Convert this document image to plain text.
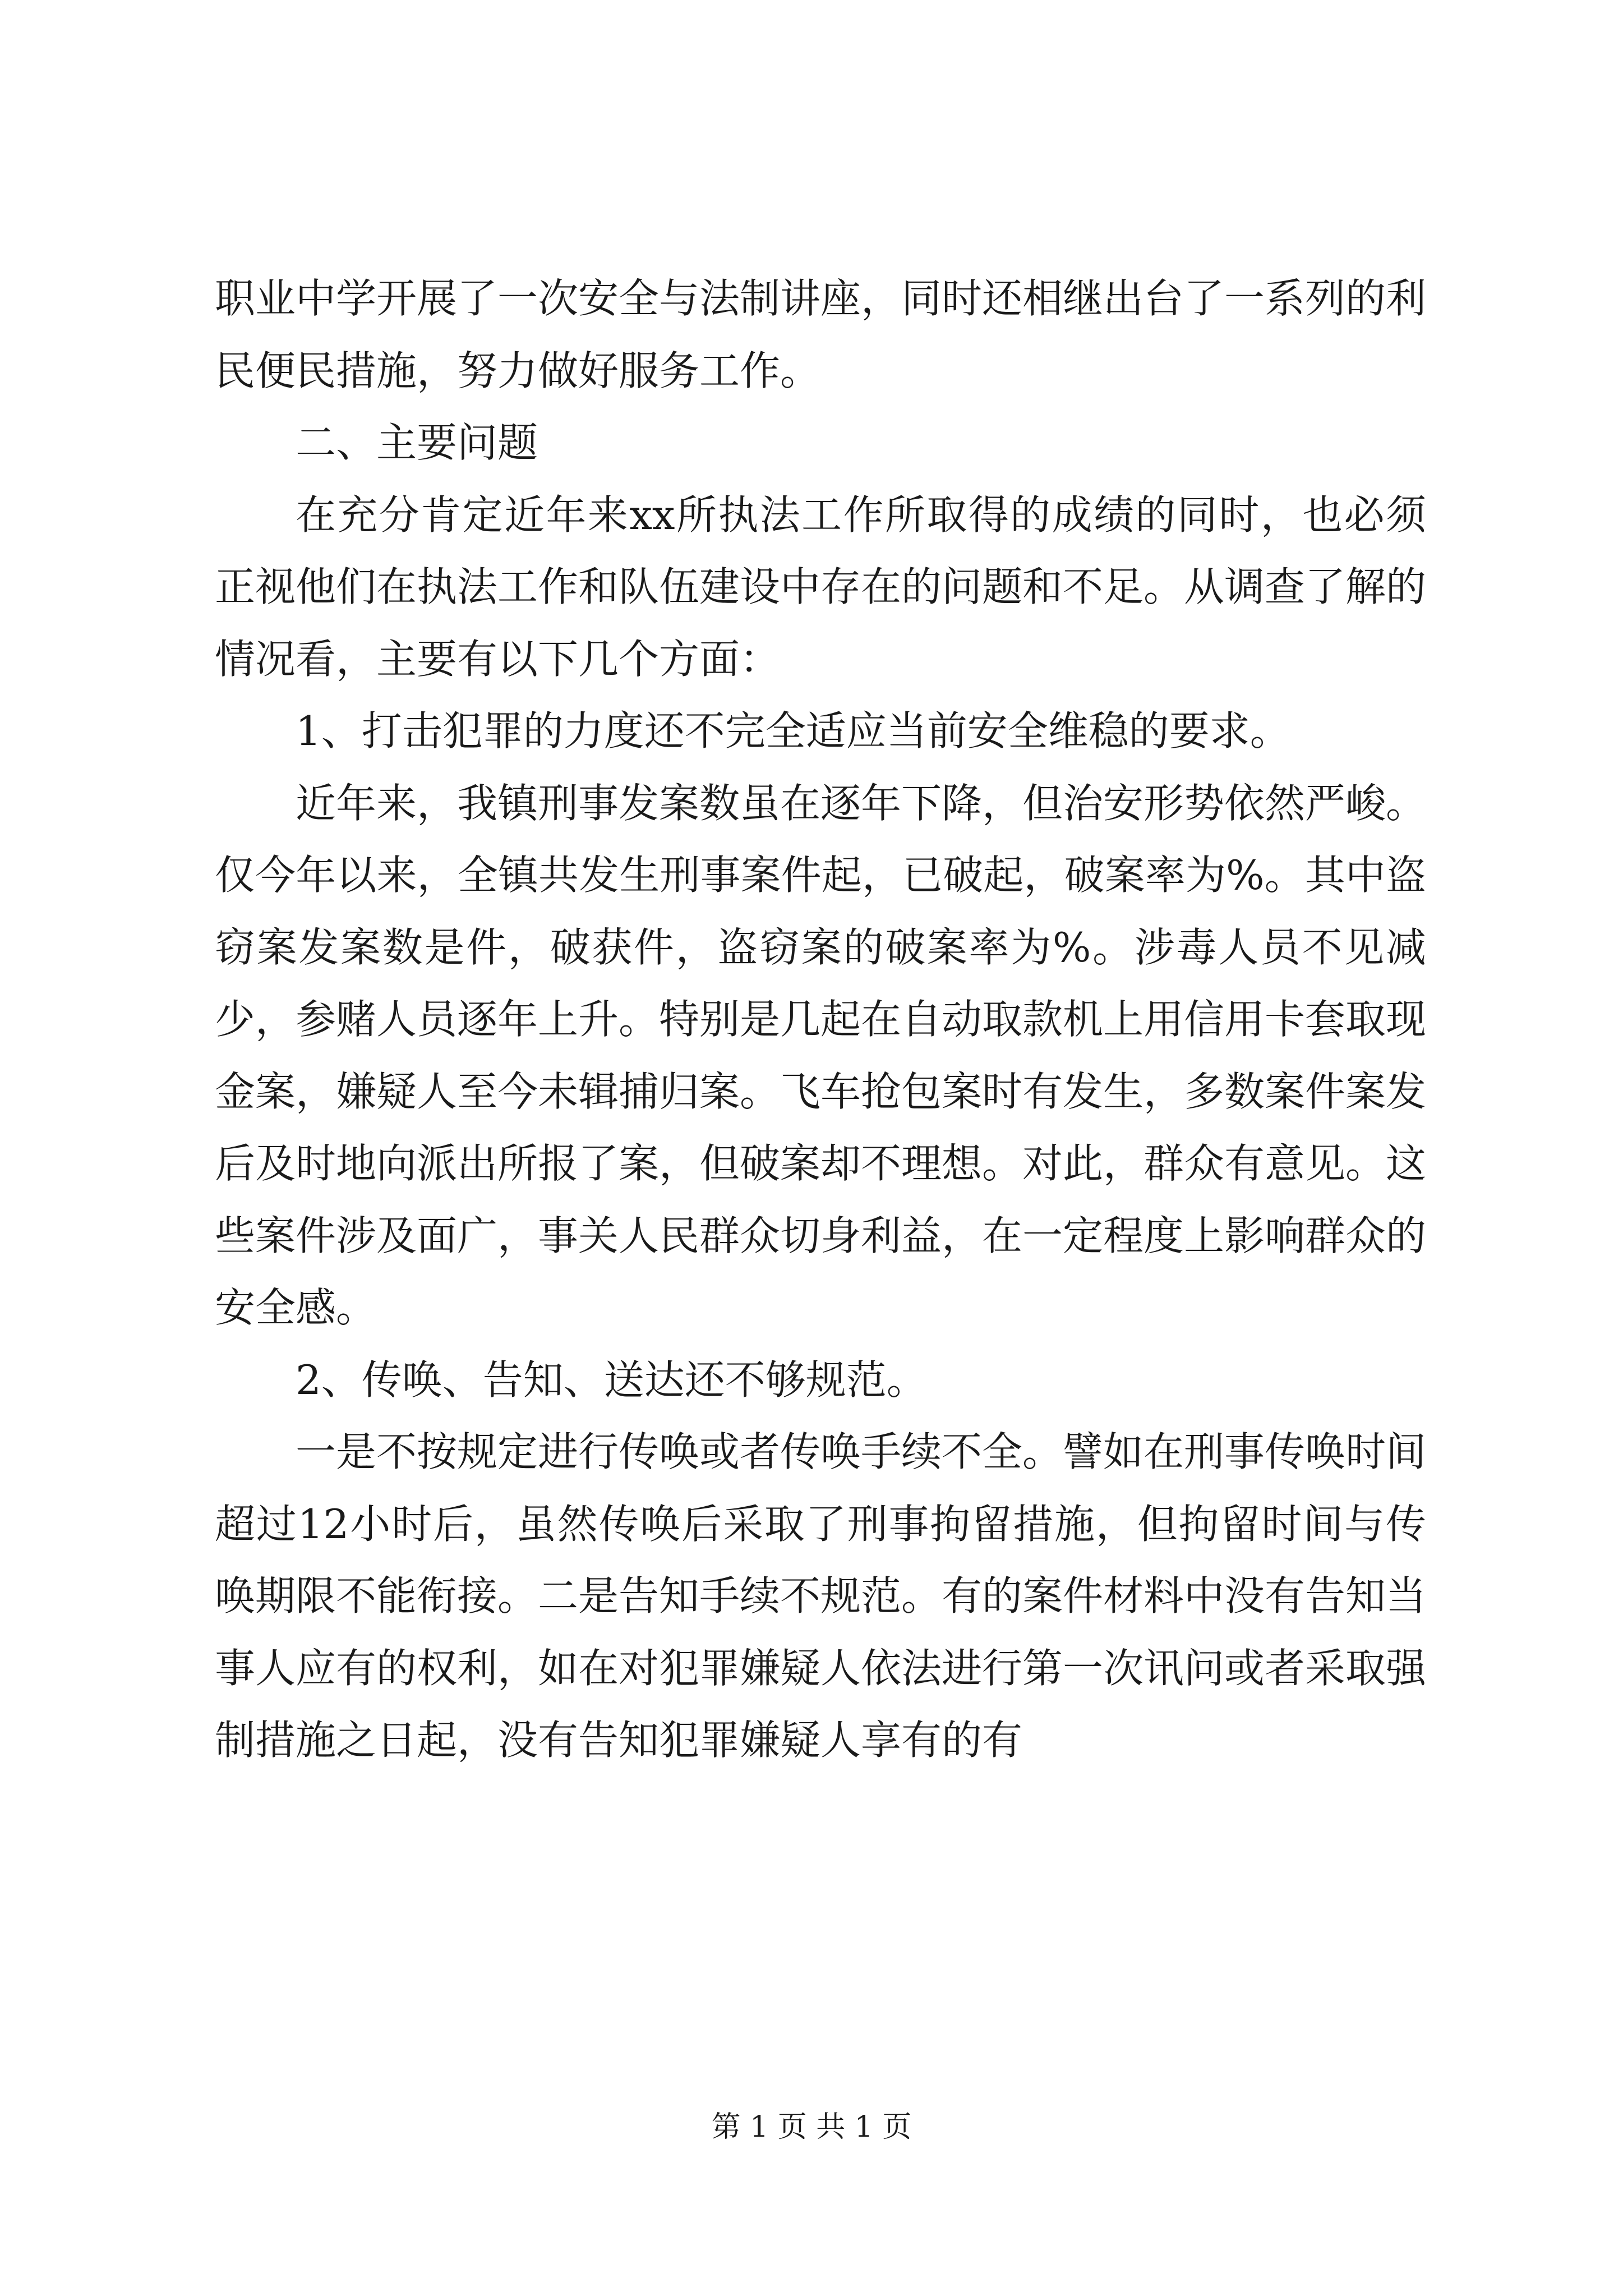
职业中学开展了一次安全与法制讲座，同时还相继出台了一系列的利民便民措施，努力做好服务工作。

二、主要问题

在充分肯定近年来xx所执法工作所取得的成绩的同时，也必须正视他们在执法工作和队伍建设中存在的问题和不足。从调查了解的情况看，主要有以下几个方面：

1、打击犯罪的力度还不完全适应当前安全维稳的要求。

近年来，我镇刑事发案数虽在逐年下降，但治安形势依然严峻。仅今年以来，全镇共发生刑事案件起，已破起，破案率为%。其中盗窃案发案数是件，破获件，盗窃案的破案率为%。涉毒人员不见减少，参赌人员逐年上升。特别是几起在自动取款机上用信用卡套取现金案，嫌疑人至今未辑捕归案。飞车抢包案时有发生，多数案件案发后及时地向派出所报了案，但破案却不理想。对此，群众有意见。这些案件涉及面广，事关人民群众切身利益，在一定程度上影响群众的安全感。

2、传唤、告知、送达还不够规范。

一是不按规定进行传唤或者传唤手续不全。譬如在刑事传唤时间超过12小时后，虽然传唤后采取了刑事拘留措施，但拘留时间与传唤期限不能衔接。二是告知手续不规范。有的案件材料中没有告知当事人应有的权利，如在对犯罪嫌疑人依法进行第一次讯问或者采取强制措施之日起，没有告知犯罪嫌疑人享有的有

第 1 页 共 1 页
